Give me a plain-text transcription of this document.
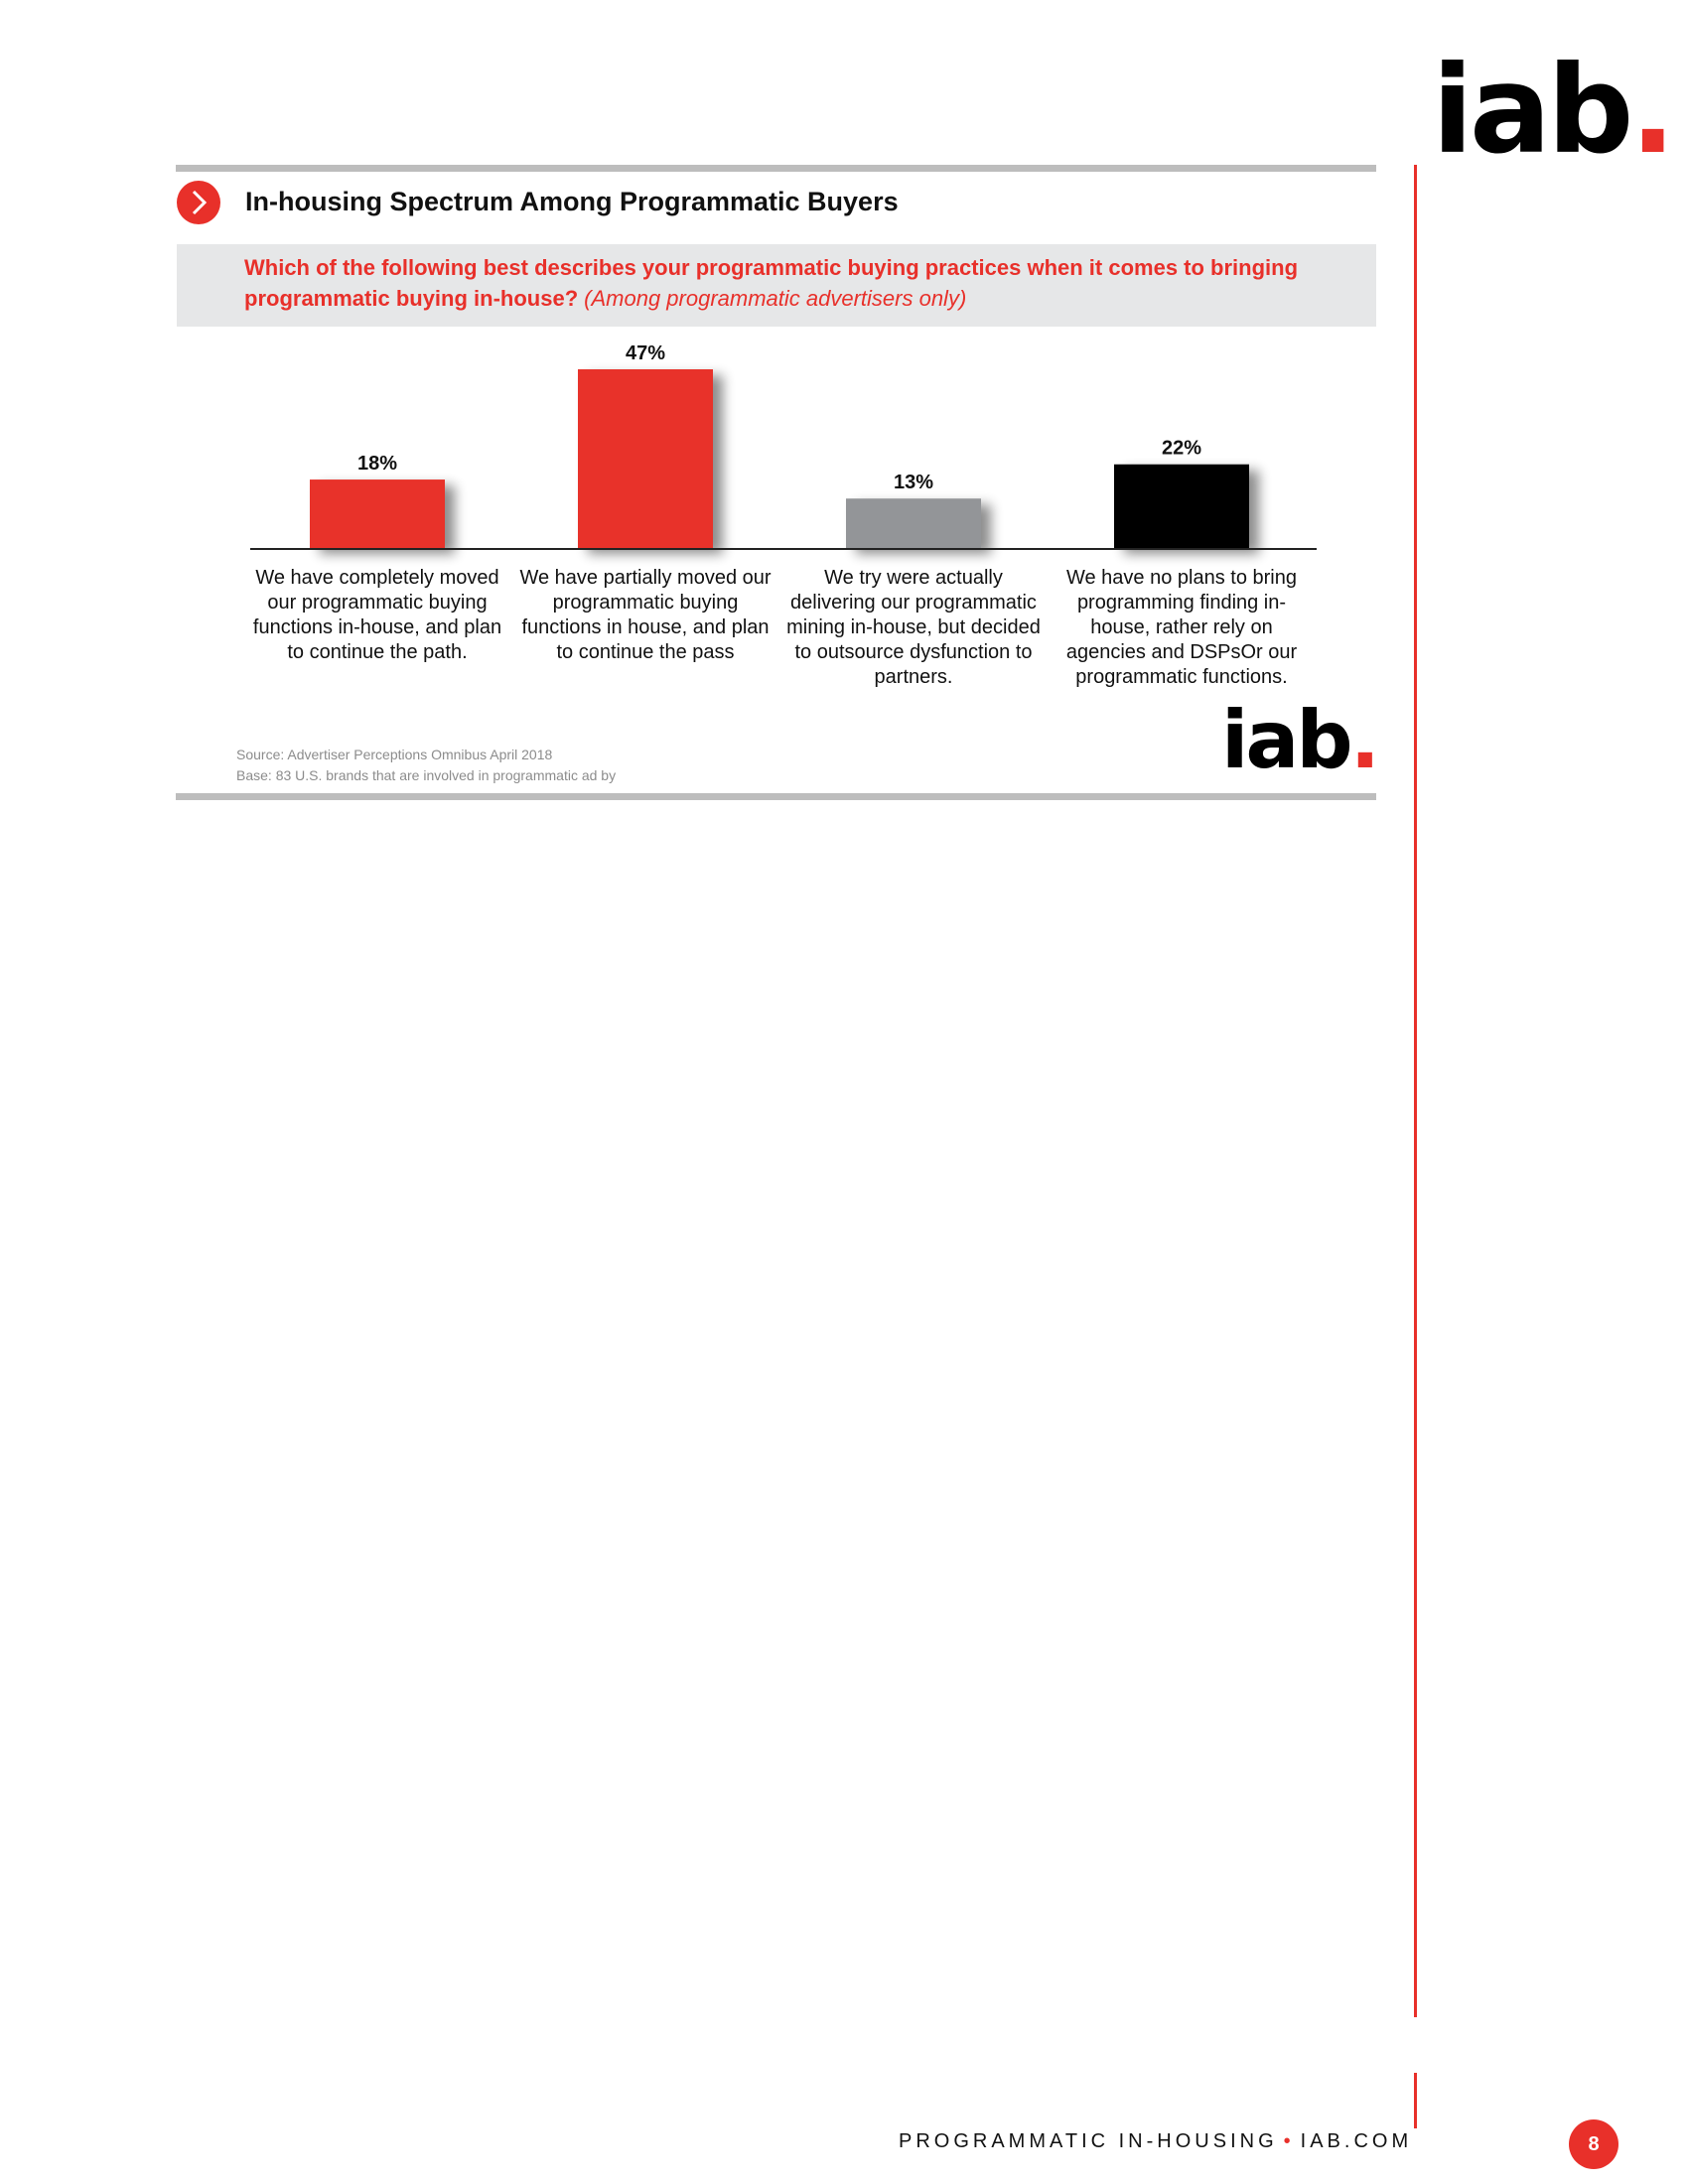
iab.
In-housing Spectrum Among Programmatic Buyers
Which of the following best describes your programmatic buying practices when it comes to bringing programmatic buying in-house? (Among programmatic advertisers only)
18%
47%
13%
22%
We have completely moved our programmatic buying functions in-house, and plan to continue the path.
We have partially moved our programmatic buying functions in house, and plan to continue the pass
We try were actually delivering our programmatic mining in-house, but decided to outsource dysfunction to partners.
We have no plans to bring programming finding in-house, rather rely on agencies and DSPsOr our programmatic functions.
iab.
Source: Advertiser Perceptions Omnibus April 2018
Base: 83 U.S. brands that are involved in programmatic ad by
PROGRAMMATIC IN-HOUSING • IAB.COM	8
